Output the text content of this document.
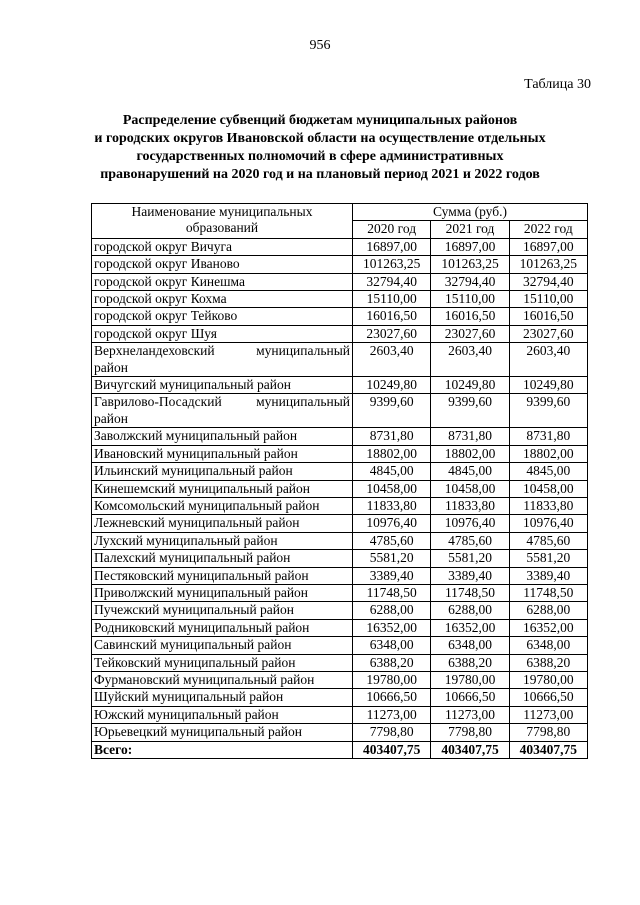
956
Таблица 30
Распределение субвенций бюджетам муниципальных районов
и городских округов Ивановской области на осуществление отдельных
государственных полномочий в сфере административных
правонарушений на 2020 год и на плановый период 2021 и 2022 годов
Наименование муниципальных
образований	Сумма (руб.)		
	2020 год	2021 год	2022 год
городской округ Вичуга	16897,00	16897,00	16897,00
городской округ Иваново	101263,25	101263,25	101263,25
городской округ Кинешма	32794,40	32794,40	32794,40
городской округ Кохма	15110,00	15110,00	15110,00
городской округ Тейково	16016,50	16016,50	16016,50
городской округ Шуя	23027,60	23027,60	23027,60

Верхнеландеховский муниципальный
район	2603,40	2603,40	2603,40
Вичугский муниципальный район	10249,80	10249,80	10249,80

Гаврилово-Посадский муниципальный
район	9399,60	9399,60	9399,60
Заволжский муниципальный район	8731,80	8731,80	8731,80
Ивановский муниципальный район	18802,00	18802,00	18802,00
Ильинский муниципальный район	4845,00	4845,00	4845,00
Кинешемский муниципальный район	10458,00	10458,00	10458,00
Комсомольский муниципальный район	11833,80	11833,80	11833,80
Лежневский муниципальный район	10976,40	10976,40	10976,40
Лухский муниципальный район	4785,60	4785,60	4785,60
Палехский муниципальный район	5581,20	5581,20	5581,20
Пестяковский муниципальный район	3389,40	3389,40	3389,40
Приволжский муниципальный район	11748,50	11748,50	11748,50
Пучежский муниципальный район	6288,00	6288,00	6288,00
Родниковский муниципальный район	16352,00	16352,00	16352,00
Савинский муниципальный район	6348,00	6348,00	6348,00
Тейковский муниципальный район	6388,20	6388,20	6388,20
Фурмановский муниципальный район	19780,00	19780,00	19780,00
Шуйский муниципальный район	10666,50	10666,50	10666,50
Южский муниципальный район	11273,00	11273,00	11273,00
Юрьевецкий муниципальный район	7798,80	7798,80	7798,80
Всего:	403407,75	403407,75	403407,75
